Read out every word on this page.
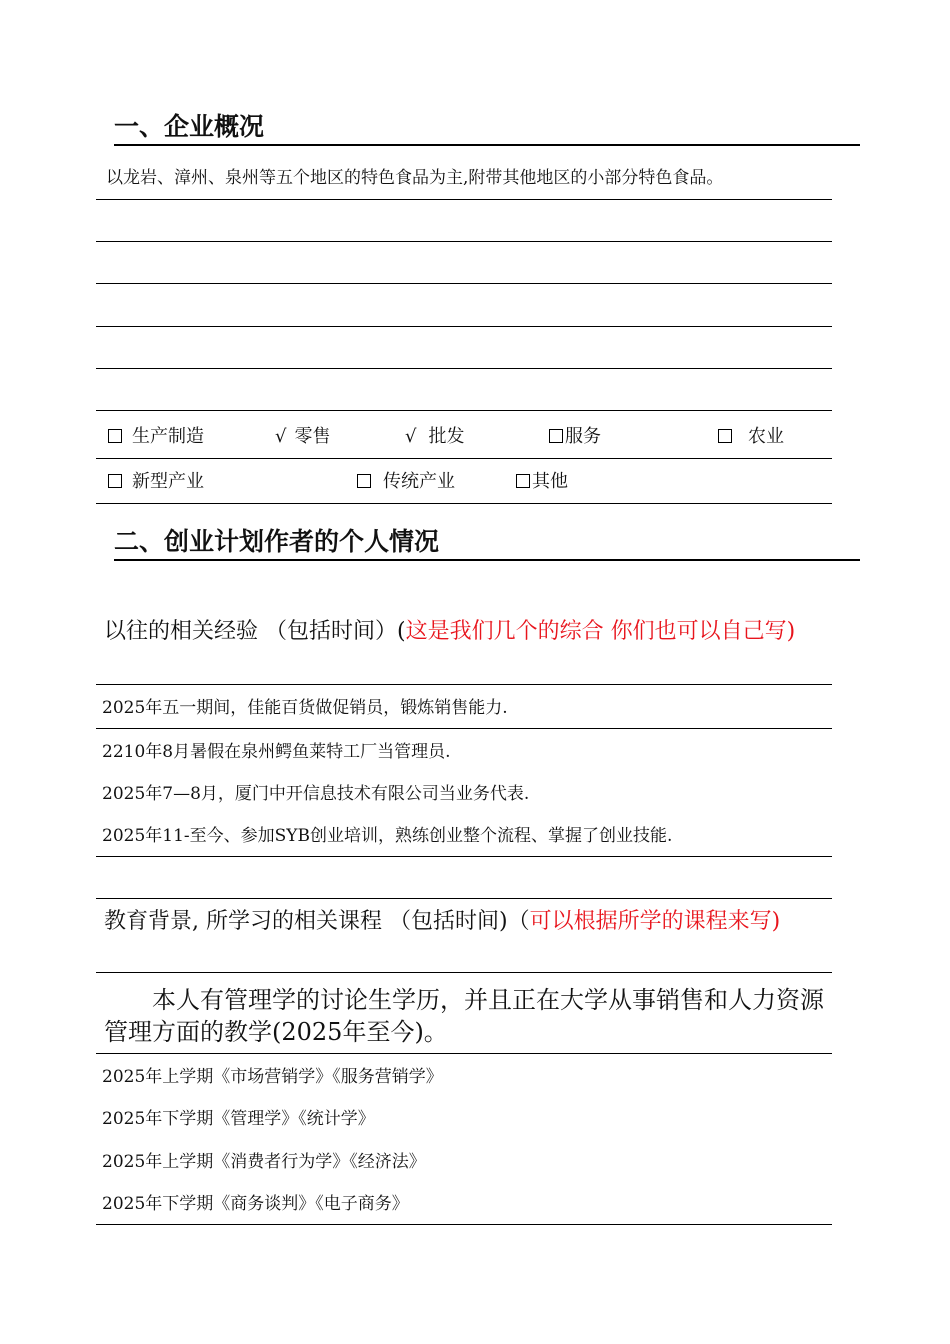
一、企业概况
以龙岩、漳州、泉州等五个地区的特色食品为主,附带其他地区的小部分特色食品。
生产制造	√ 零售	√ 批发	服务	农业
新型产业	传统产业	其他
二、创业计划作者的个人情况
以往的相关经验 （包括时间）(这是我们几个的综合 你们也可以自己写)
2025年五一期间，佳能百货做促销员，锻炼销售能力.
2210年8月暑假在泉州鳄鱼莱特工厂当管理员.
2025年7—8月，厦门中开信息技术有限公司当业务代表.
2025年11-至今、参加SYB创业培训，熟练创业整个流程、掌握了创业技能.
教育背景, 所学习的相关课程 （包括时间)（可以根据所学的课程来写)
本人有管理学的讨论生学历，并且正在大学从事销售和人力资源管理方面的教学(2025年至今)。
2025年上学期《市场营销学》《服务营销学》
2025年下学期《管理学》《统计学》
2025年上学期《消费者行为学》《经济法》
2025年下学期《商务谈判》《电子商务》
